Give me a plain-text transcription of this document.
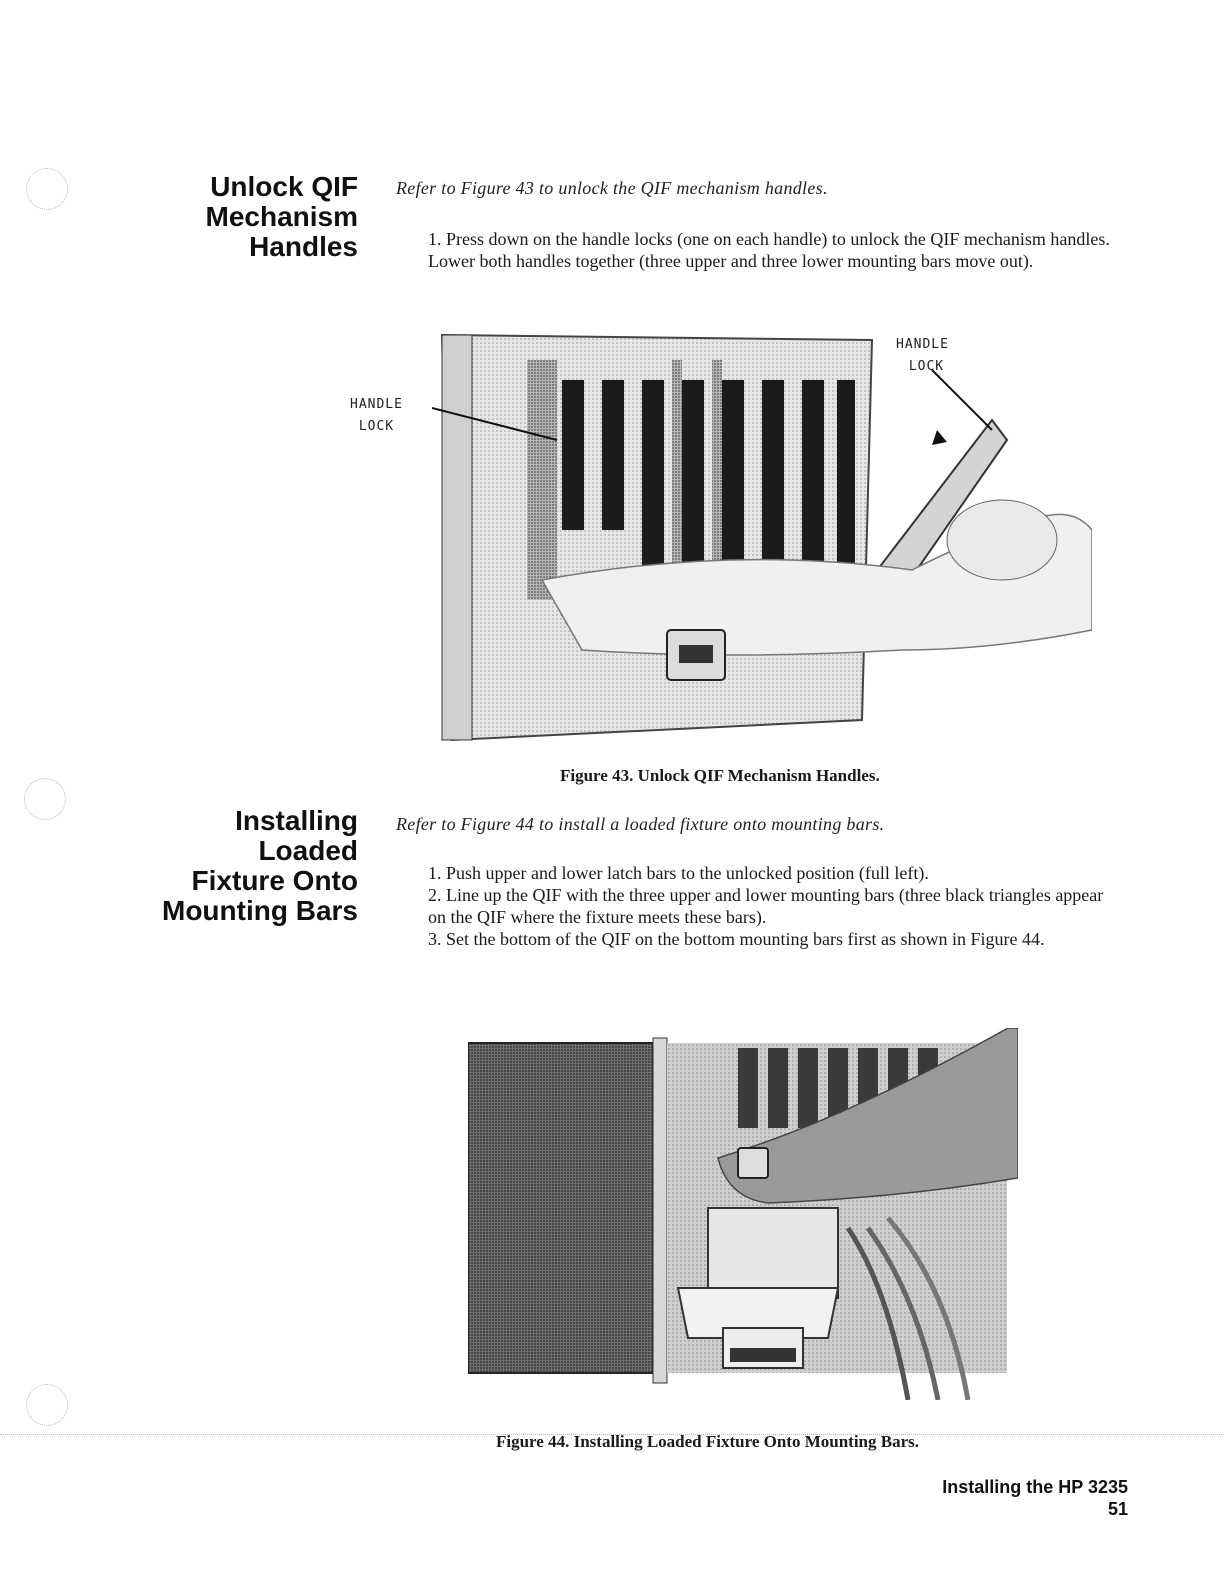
Unlock QIF
Mechanism
Handles
Refer to Figure 43 to unlock the QIF mechanism handles.

1. Press down on the handle locks (one on each handle) to unlock the QIF mechanism handles. Lower both handles together (three upper and three lower mounting bars move out).

HANDLE
LOCK
HANDLE
LOCK
Figure 43. Unlock QIF Mechanism Handles.
Installing
Loaded
Fixture Onto
Mounting Bars
Refer to Figure 44 to install a loaded fixture onto mounting bars.

1. Push upper and lower latch bars to the unlocked position (full left).

2. Line up the QIF with the three upper and lower mounting bars (three black triangles appear on the QIF where the fixture meets these bars).

3. Set the bottom of the QIF on the bottom mounting bars first as shown in Figure 44.

Figure 44. Installing Loaded Fixture Onto Mounting Bars.
Installing the HP 3235
51
